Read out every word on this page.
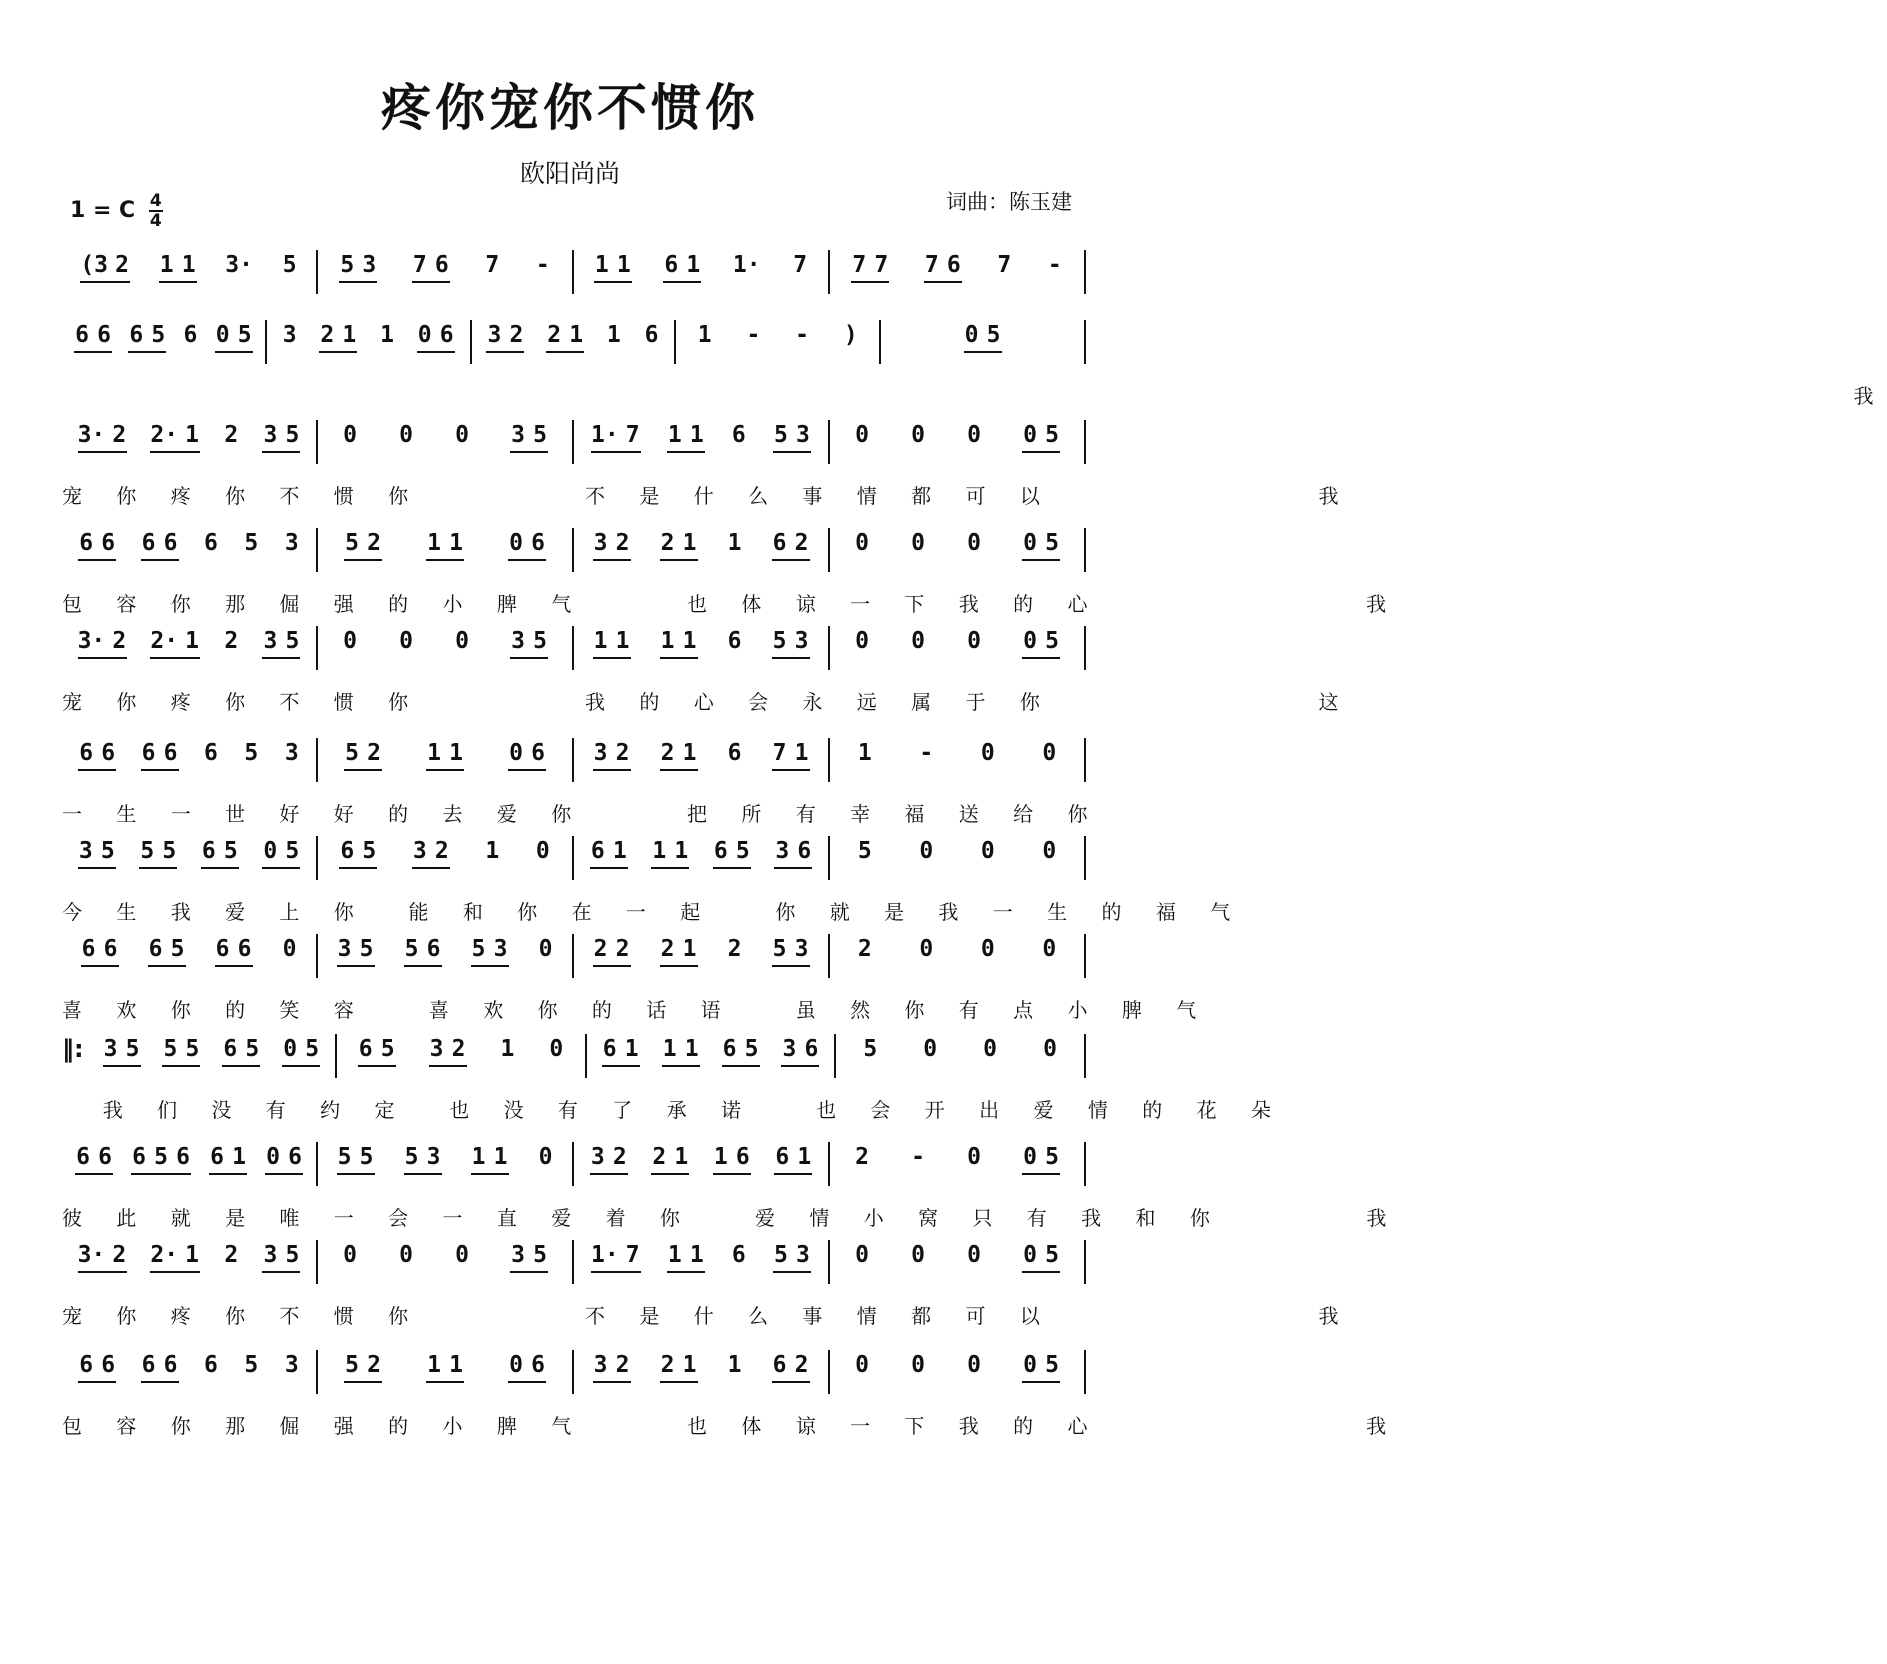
疼你宠你不惯你
欧阳尚尚
词曲：陈玉建
1 = C $\frac{4}{4}$
(3 2 1 1 3· 5 5 3 7 6 7 - 1 1 6 1 1· 7 7 7 7 6 7 -
6 6 6 5 6 0 5 3 2 1 1 0 6 3 2 2 1 1 6 1 - - )	0 5
我
3· 2 2· 1 2 3 5 0 0 0 3 5 1· 7 1 1 6 5 3 0 0 0 0 5
宠 你 疼 你 不 惯 你        不 是 什 么 事 情 都 可 以             我
6 6 6 6 6 5 3 5 2 1 1 0 6 3 2 2 1 1 6 2 0 0 0 0 5
包 容 你 那 倔 强 的 小 脾 气     也 体 谅 一 下 我 的 心             我
3· 2 2· 1 2 3 5 0 0 0 3 5 1 1 1 1 6 5 3 0 0 0 0 5
宠 你 疼 你 不 惯 你        我 的 心 会 永 远 属 于 你             这
6 6 6 6 6 5 3 5 2 1 1 0 6 3 2 2 1 6 7 1 1 - 0 0
一 生 一 世 好 好 的 去 爱 你     把 所 有 幸 福 送 给 你
3 5 5 5 6 5 0 5 6 5 3 2 1 0 6 1 1 1 6 5 3 6 5 0 0 0
今 生 我 爱 上 你  能 和 你 在 一 起   你 就 是 我 一 生 的 福 气
6 6 6 5 6 6 0 3 5 5 6 5 3 0 2 2 2 1 2 5 3 2 0 0 0
喜 欢 你 的 笑 容   喜 欢 你 的 话 语   虽 然 你 有 点 小 脾 气
‖: 3 5 5 5 6 5 0 5 6 5 3 2 1 0 6 1 1 1 6 5 3 6 5 0 0 0
我 们 没 有 约 定  也 没 有 了 承 诺   也 会 开 出 爱 情 的 花 朵
6 6 6 5 6 6 1 0 6 5 5 5 3 1 1 0 3 2 2 1 1 6 6 1 2 - 0 0 5
彼 此 就 是 唯 一 会 一 直 爱 着 你   爱 情 小 窝 只 有 我 和 你       我
3· 2 2· 1 2 3 5 0 0 0 3 5 1· 7 1 1 6 5 3 0 0 0 0 5
宠 你 疼 你 不 惯 你        不 是 什 么 事 情 都 可 以             我
6 6 6 6 6 5 3 5 2 1 1 0 6 3 2 2 1 1 6 2 0 0 0 0 5
包 容 你 那 倔 强 的 小 脾 气     也 体 谅 一 下 我 的 心             我
